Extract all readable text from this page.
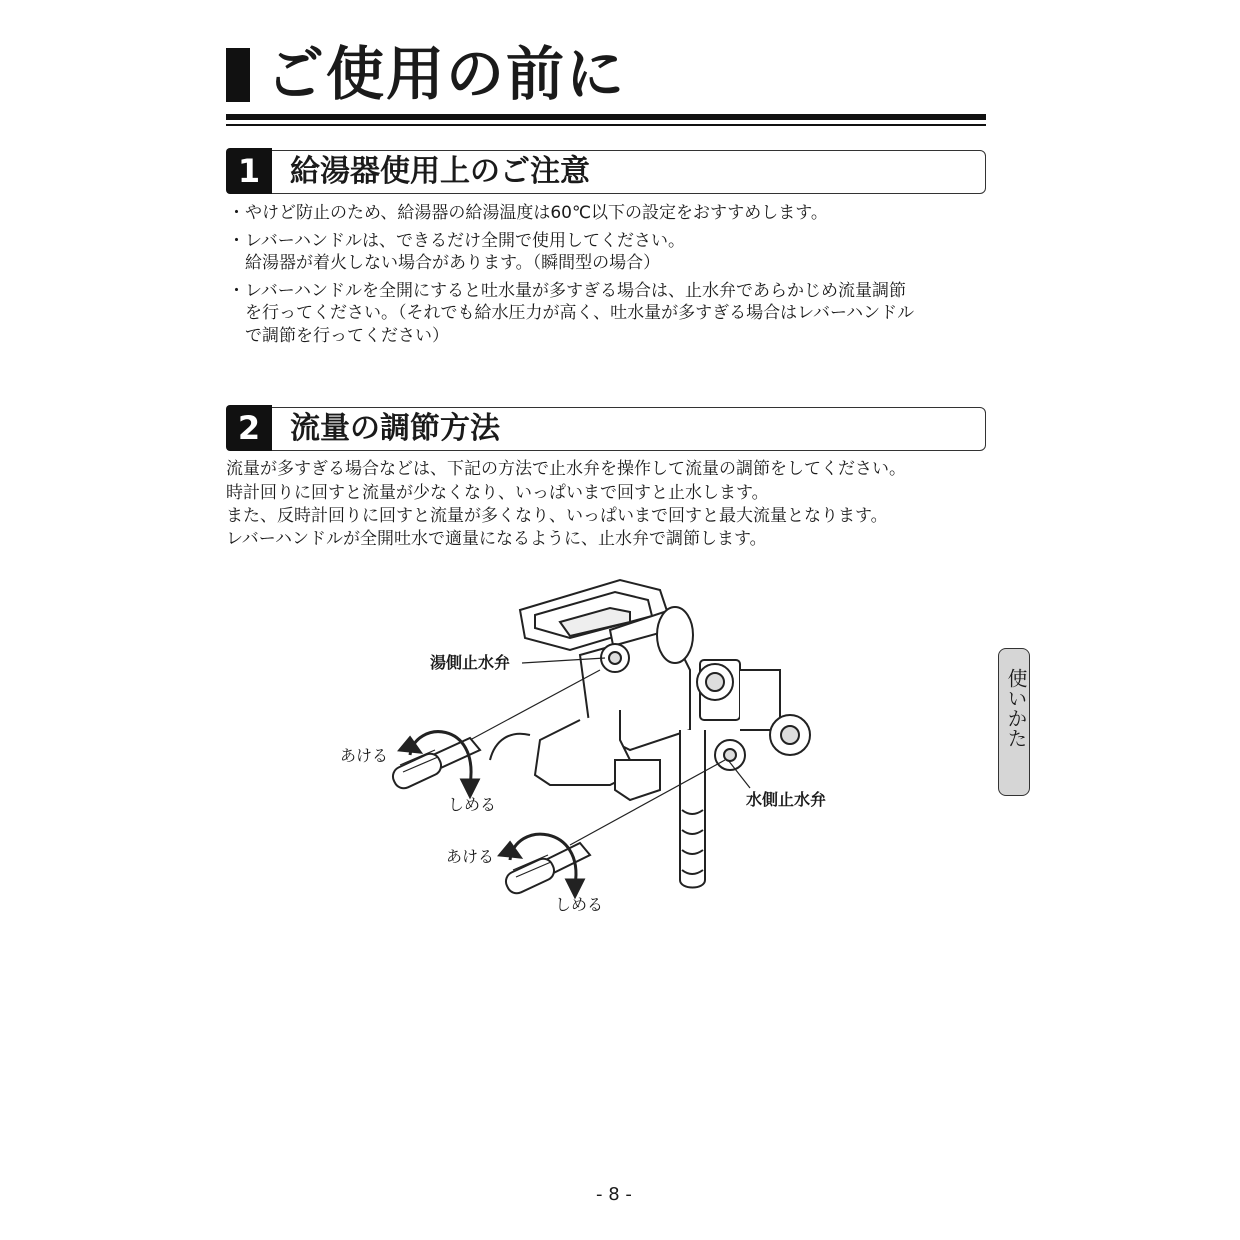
ご使用の前に
1 給湯器使用上のご注意
・やけど防止のため、給湯器の給湯温度は60℃以下の設定をおすすめします。
・レバーハンドルは、できるだけ全開で使用してください。
給湯器が着火しない場合があります。（瞬間型の場合）
・レバーハンドルを全開にすると吐水量が多すぎる場合は、止水弁であらかじめ流量調節
を行ってください。（それでも給水圧力が高く、吐水量が多すぎる場合はレバーハンドル
で調節を行ってください）
2 流量の調節方法
流量が多すぎる場合などは、下記の方法で止水弁を操作して流量の調節をしてください。
時計回りに回すと流量が少なくなり、いっぱいまで回すと止水します。
また、反時計回りに回すと流量が多くなり、いっぱいまで回すと最大流量となります。
レバーハンドルが全開吐水で適量になるように、止水弁で調節します。
湯側止水弁
水側止水弁
あける
しめる
あける
しめる
使いかた
- 8 -
